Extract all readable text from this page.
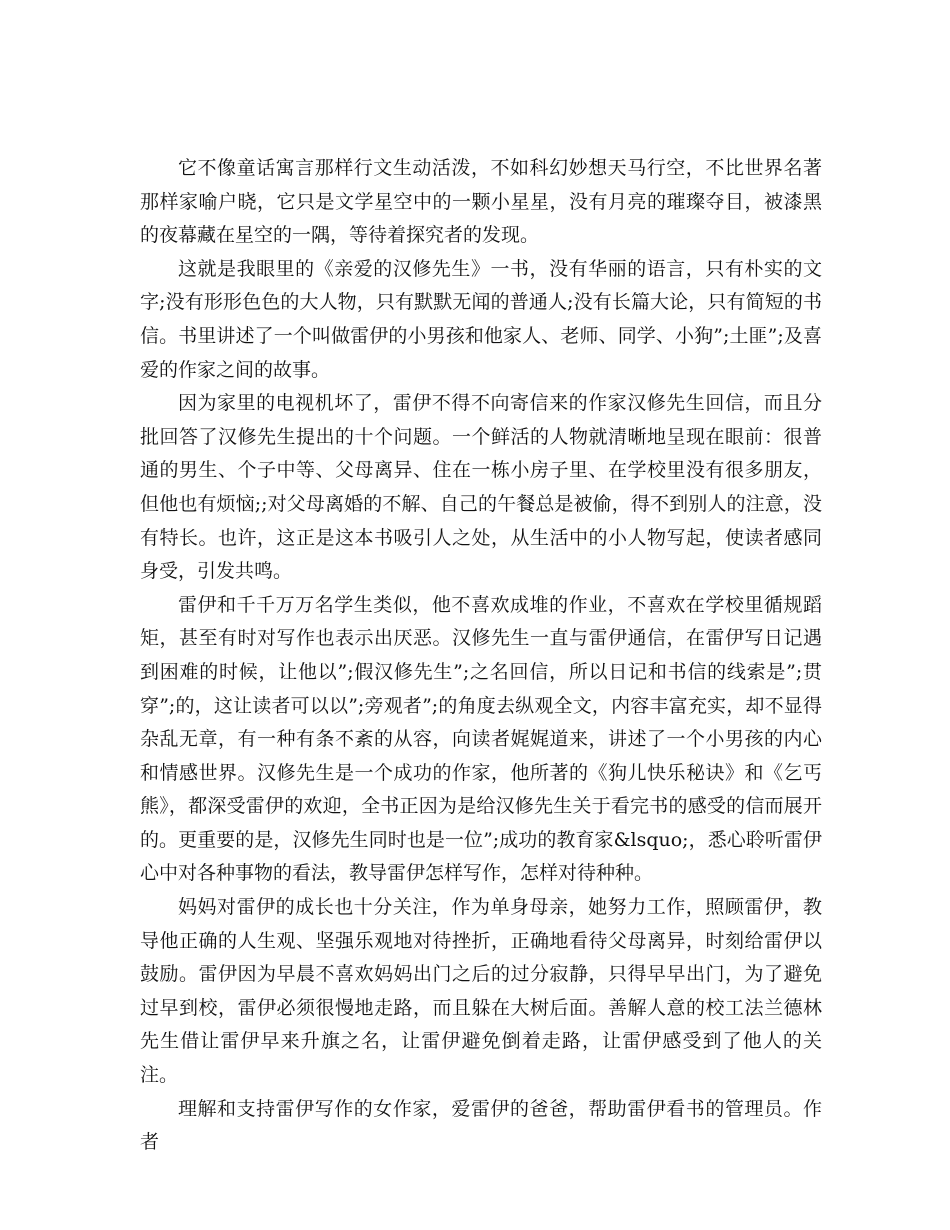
它不像童话寓言那样行文生动活泼，不如科幻妙想天马行空，不比世界名著那样家喻户晓，它只是文学星空中的一颗小星星，没有月亮的璀璨夺目，被漆黑的夜幕藏在星空的一隅，等待着探究者的发现。

这就是我眼里的《亲爱的汉修先生》一书，没有华丽的语言，只有朴实的文字;没有形形色色的大人物，只有默默无闻的普通人;没有长篇大论，只有简短的书信。书里讲述了一个叫做雷伊的小男孩和他家人、老师、同学、小狗”;土匪”;及喜爱的作家之间的故事。

因为家里的电视机坏了，雷伊不得不向寄信来的作家汉修先生回信，而且分批回答了汉修先生提出的十个问题。一个鲜活的人物就清晰地呈现在眼前：很普通的男生、个子中等、父母离异、住在一栋小房子里、在学校里没有很多朋友，但他也有烦恼;;对父母离婚的不解、自己的午餐总是被偷，得不到别人的注意，没有特长。也许，这正是这本书吸引人之处，从生活中的小人物写起，使读者感同身受，引发共鸣。

雷伊和千千万万名学生类似，他不喜欢成堆的作业，不喜欢在学校里循规蹈矩，甚至有时对写作也表示出厌恶。汉修先生一直与雷伊通信，在雷伊写日记遇到困难的时候，让他以”;假汉修先生”;之名回信，所以日记和书信的线索是”;贯穿”;的，这让读者可以以”;旁观者”;的角度去纵观全文，内容丰富充实，却不显得杂乱无章，有一种有条不紊的从容，向读者娓娓道来，讲述了一个小男孩的内心和情感世界。汉修先生是一个成功的作家，他所著的《狗儿快乐秘诀》和《乞丐熊》，都深受雷伊的欢迎，全书正因为是给汉修先生关于看完书的感受的信而展开的。更重要的是，汉修先生同时也是一位”;成功的教育家&lsquo;，悉心聆听雷伊心中对各种事物的看法，教导雷伊怎样写作，怎样对待种种。

妈妈对雷伊的成长也十分关注，作为单身母亲，她努力工作，照顾雷伊，教导他正确的人生观、坚强乐观地对待挫折，正确地看待父母离异，时刻给雷伊以鼓励。雷伊因为早晨不喜欢妈妈出门之后的过分寂静，只得早早出门，为了避免过早到校，雷伊必须很慢地走路，而且躲在大树后面。善解人意的校工法兰德林先生借让雷伊早来升旗之名，让雷伊避免倒着走路，让雷伊感受到了他人的关注。

理解和支持雷伊写作的女作家，爱雷伊的爸爸，帮助雷伊看书的管理员。作者
